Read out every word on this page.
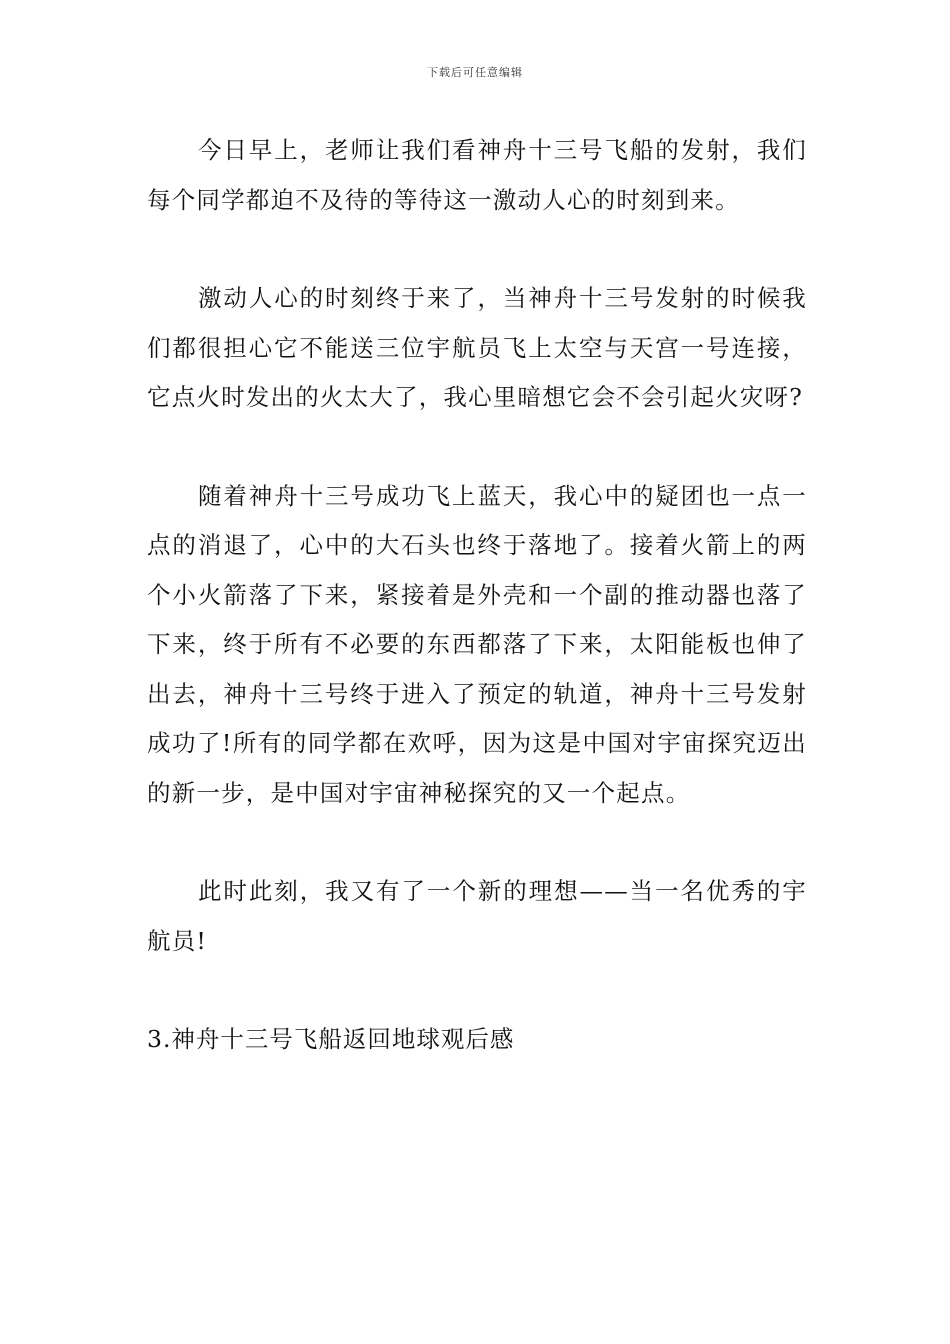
下载后可任意编辑

今日早上，老师让我们看神舟十三号飞船的发射，我们每个同学都迫不及待的等待这一激动人心的时刻到来。

激动人心的时刻终于来了，当神舟十三号发射的时候我们都很担心它不能送三位宇航员飞上太空与天宫一号连接，它点火时发出的火太大了，我心里暗想它会不会引起火灾呀?

随着神舟十三号成功飞上蓝天，我心中的疑团也一点一点的消退了，心中的大石头也终于落地了。接着火箭上的两个小火箭落了下来，紧接着是外壳和一个副的推动器也落了下来，终于所有不必要的东西都落了下来，太阳能板也伸了出去，神舟十三号终于进入了预定的轨道，神舟十三号发射成功了!所有的同学都在欢呼，因为这是中国对宇宙探究迈出的新一步，是中国对宇宙神秘探究的又一个起点。

此时此刻，我又有了一个新的理想——当一名优秀的宇航员!

3.神舟十三号飞船返回地球观后感
